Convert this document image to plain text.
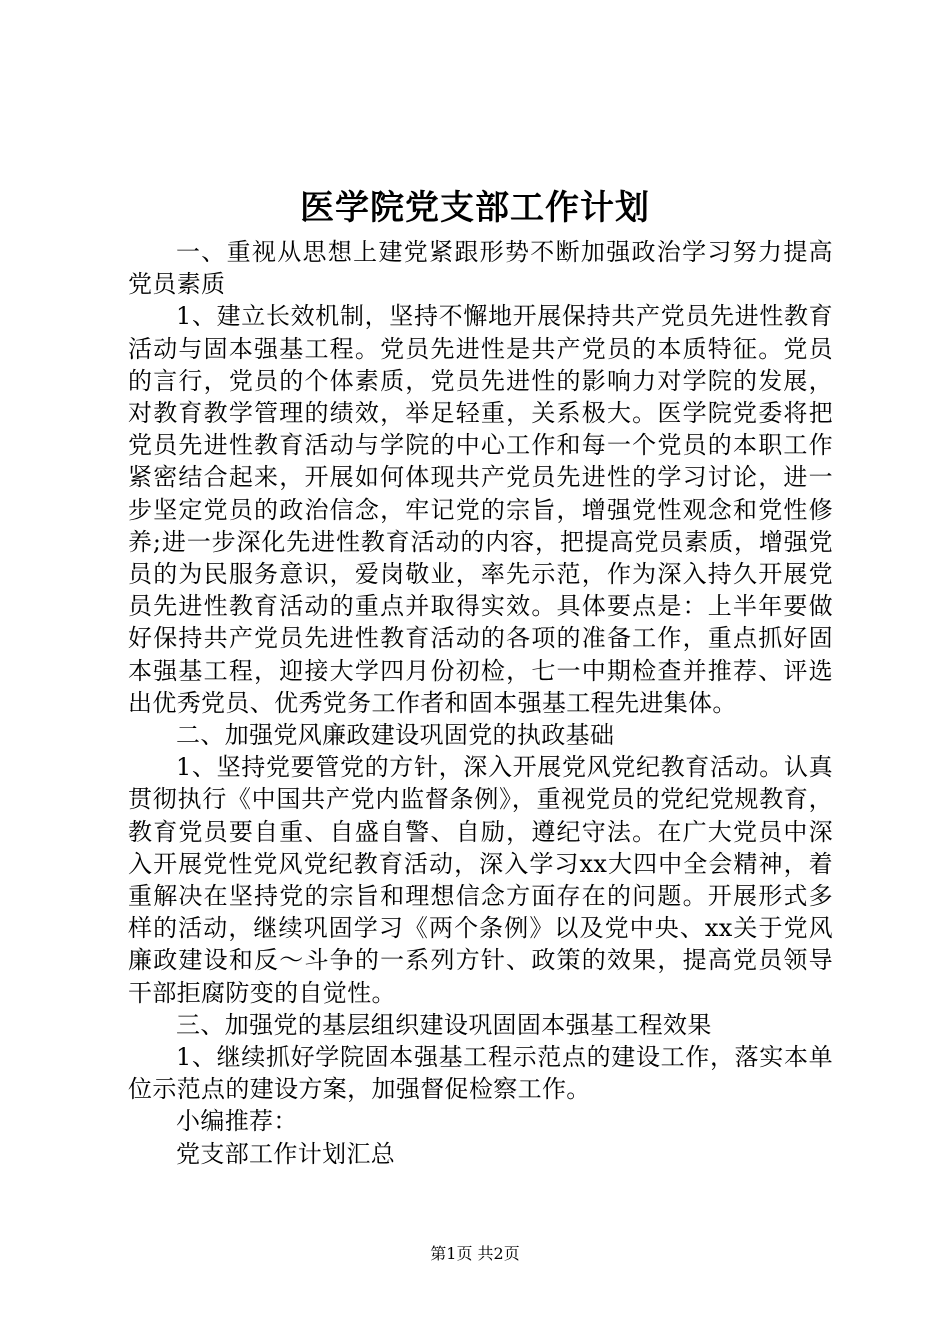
医学院党支部工作计划

一、重视从思想上建党紧跟形势不断加强政治学习努力提高党员素质

1、建立长效机制，坚持不懈地开展保持共产党员先进性教育活动与固本强基工程。党员先进性是共产党员的本质特征。党员的言行，党员的个体素质，党员先进性的影响力对学院的发展，对教育教学管理的绩效，举足轻重，关系极大。医学院党委将把党员先进性教育活动与学院的中心工作和每一个党员的本职工作紧密结合起来，开展如何体现共产党员先进性的学习讨论，进一步坚定党员的政治信念，牢记党的宗旨，增强党性观念和党性修养;进一步深化先进性教育活动的内容，把提高党员素质，增强党员的为民服务意识，爱岗敬业，率先示范，作为深入持久开展党员先进性教育活动的重点并取得实效。具体要点是：上半年要做好保持共产党员先进性教育活动的各项的准备工作，重点抓好固本强基工程，迎接大学四月份初检，七一中期检查并推荐、评选出优秀党员、优秀党务工作者和固本强基工程先进集体。

二、加强党风廉政建设巩固党的执政基础

1、坚持党要管党的方针，深入开展党风党纪教育活动。认真贯彻执行《中国共产党内监督条例》，重视党员的党纪党规教育，教育党员要自重、自盛自警、自励，遵纪守法。在广大党员中深入开展党性党风党纪教育活动，深入学习xx大四中全会精神，着重解决在坚持党的宗旨和理想信念方面存在的问题。开展形式多样的活动，继续巩固学习《两个条例》以及党中央、xx关于党风廉政建设和反～斗争的一系列方针、政策的效果，提高党员领导干部拒腐防变的自觉性。

三、加强党的基层组织建设巩固固本强基工程效果

1、继续抓好学院固本强基工程示范点的建设工作，落实本单位示范点的建设方案，加强督促检察工作。

小编推荐：

党支部工作计划汇总

第1页 共2页
